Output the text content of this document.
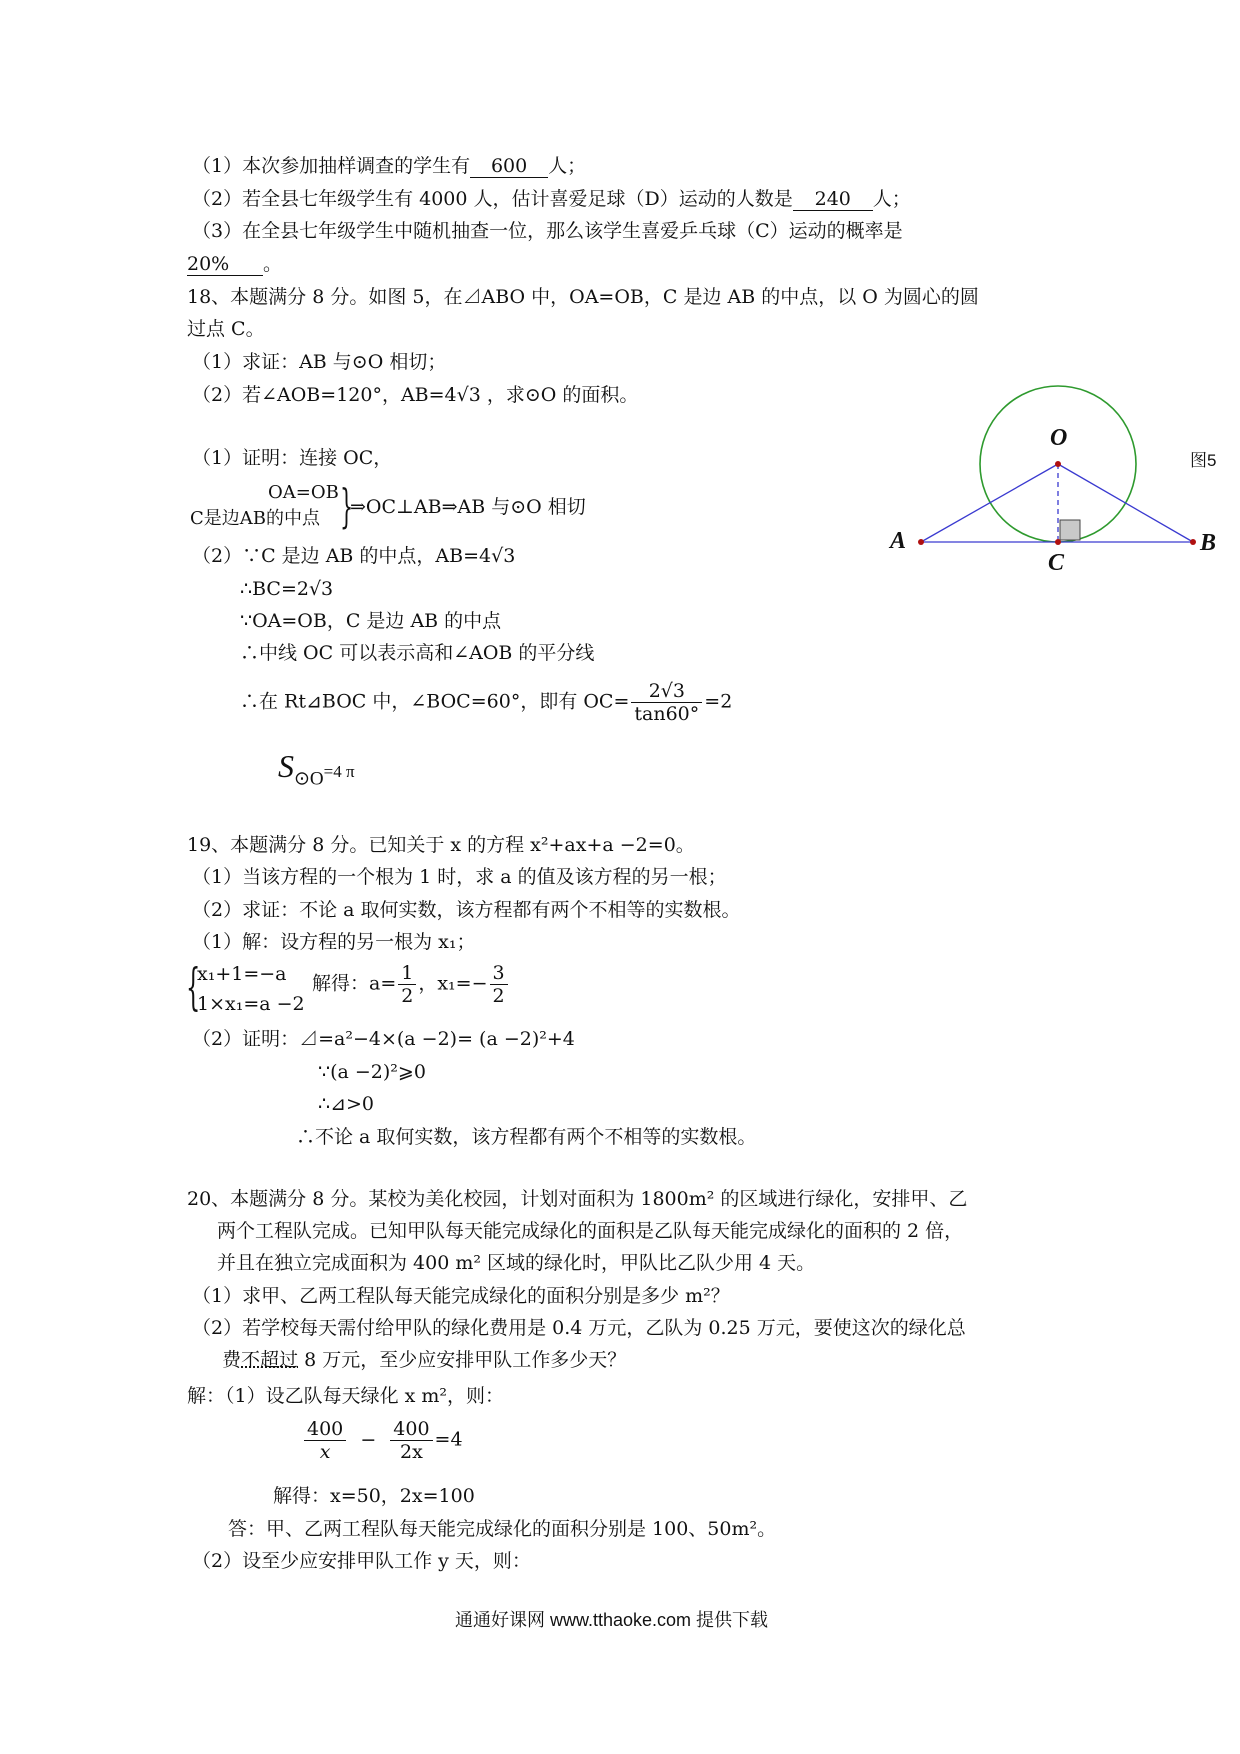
（1）本次参加抽样调查的学生有 600 人；
（2）若全县七年级学生有 4000 人，估计喜爱足球（D）运动的人数是 240 人；
（3）在全县七年级学生中随机抽查一位，那么该学生喜爱乒乓球（C）运动的概率是
20% 。
18、本题满分 8 分。如图 5，在⊿ABO 中，OA=OB，C 是边 AB 的中点，以 O 为圆心的圆
过点 C。
（1）求证：AB 与⊙O 相切；
（2）若∠AOB=120°，AB=4√3 ，求⊙O 的面积。
（1）证明：连接 OC，
OA=OB
C是边AB的中点 }
⇒OC⊥AB⇒AB 与⊙O 相切
（2）∵C 是边 AB 的中点，AB=4√3
∴BC=2√3
∵OA=OB，C 是边 AB 的中点
∴中线 OC 可以表示高和∠AOB 的平分线
∴在 Rt⊿BOC 中，∠BOC=60°，即有 $OC= \frac{2√3}{\tan 60^\circ} =2$
$S_{⊙O}=4$ π
O
A	B
C
图5
19、本题满分 8 分。已知关于 x 的方程 x²+ax+a −2=0。
（1）当该方程的一个根为 1 时，求 a 的值及该方程的另一根；
（2）求证：不论 a 取何实数，该方程都有两个不相等的实数根。
（1）解：设方程的另一根为 x₁；
{
x₁+1=−a
1×x₁=a −2
解得：$a= \frac{1}{2}$ ，$x_1=- \frac{3}{2}$
（2）证明：⊿=a²−4×(a −2)= (a −2)²+4
∵(a −2)²⩾0
∴⊿>0
∴不论 a 取何实数，该方程都有两个不相等的实数根。
20、本题满分 8 分。某校为美化校园，计划对面积为 1800m² 的区域进行绿化，安排甲、乙
两个工程队完成。已知甲队每天能完成绿化的面积是乙队每天能完成绿化的面积的 2 倍，
并且在独立完成面积为 400 m² 区域的绿化时，甲队比乙队少用 4 天。
（1）求甲、乙两工程队每天能完成绿化的面积分别是多少 m²？
（2）若学校每天需付给甲队的绿化费用是 0.4 万元，乙队为 0.25 万元，要使这次的绿化总
费不超过 8 万元，至少应安排甲队工作多少天？
解：（1）设乙队每天绿化 x m²，则：
$\frac{400}{x} - \frac{400}{2x} =4$
解得：x=50，2x=100
答：甲、乙两工程队每天能完成绿化的面积分别是 100、50m²。
（2）设至少应安排甲队工作 y 天，则：
通通好课网 www.tthaoke.com 提供下载
